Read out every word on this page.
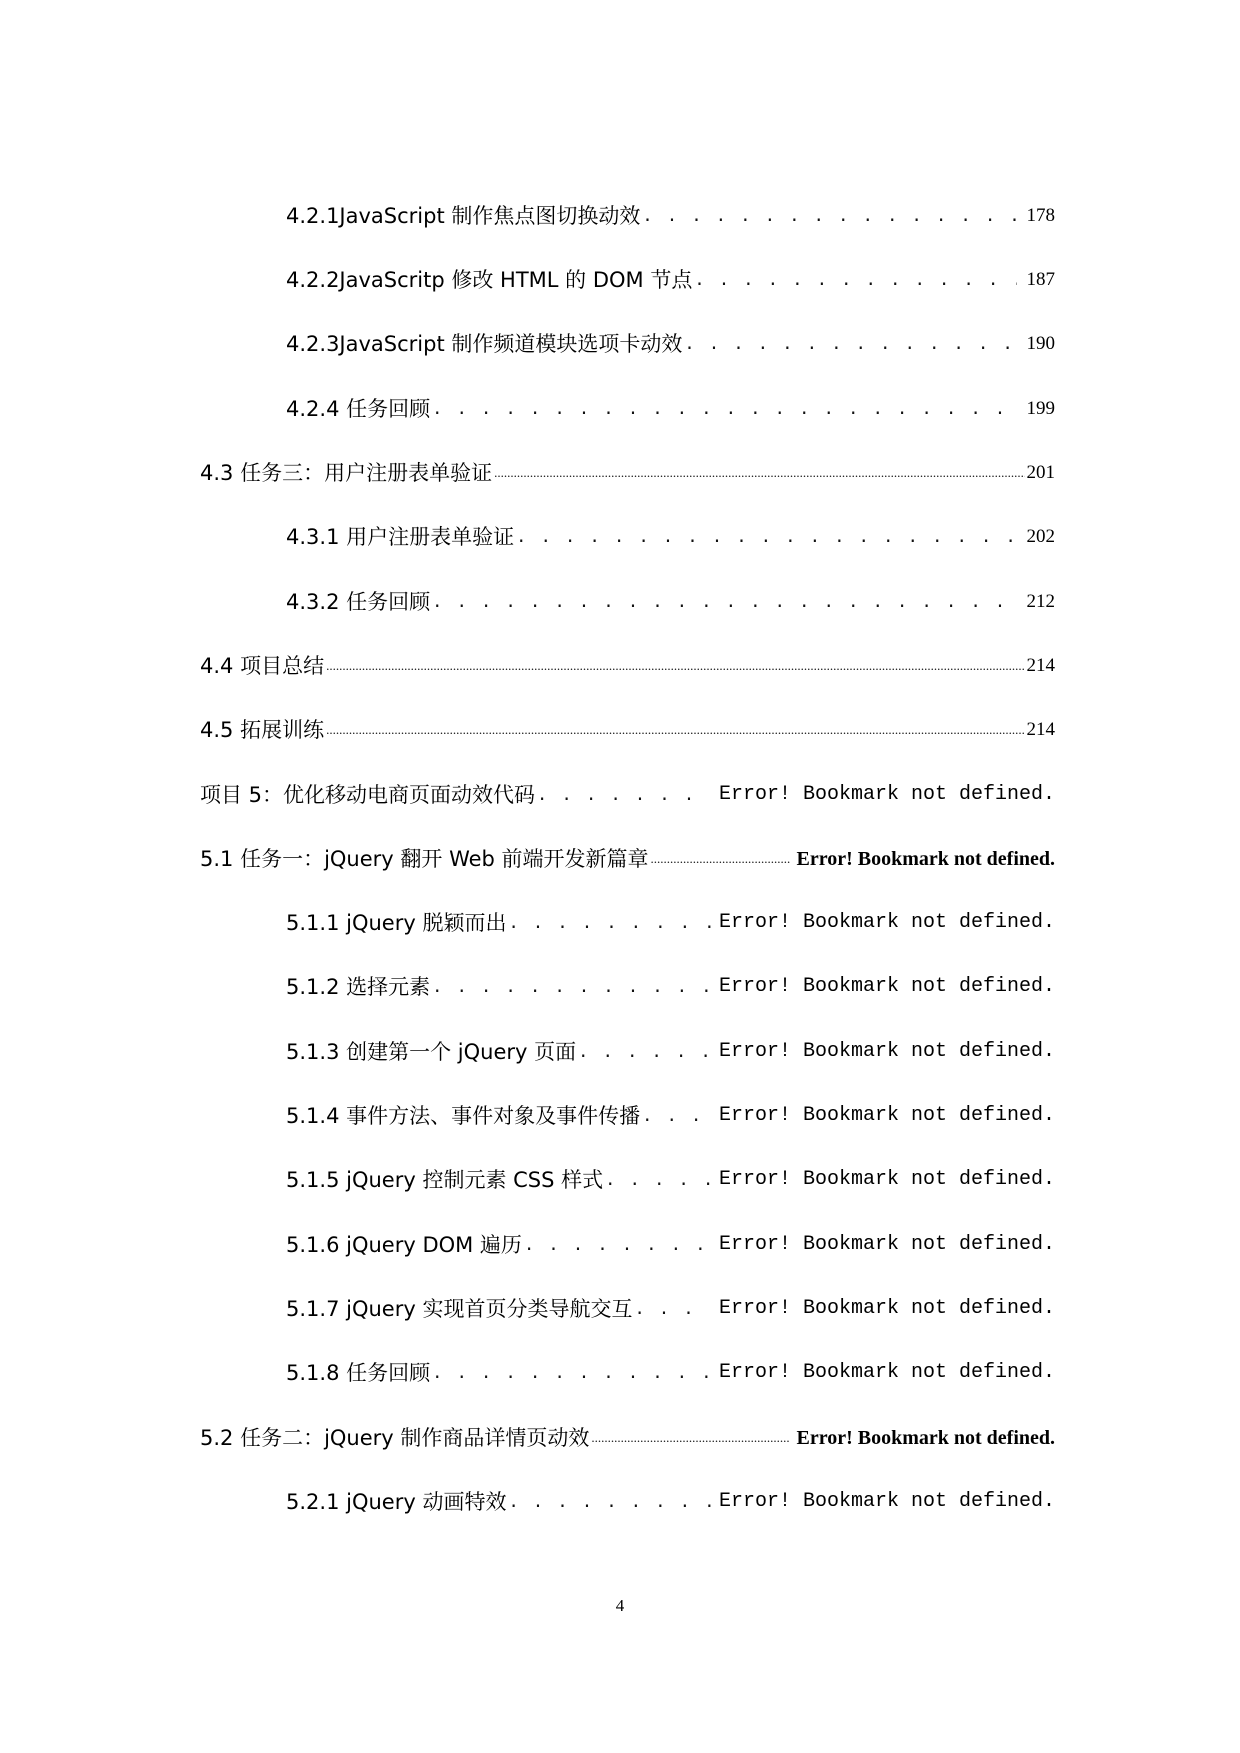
4.2.1JavaScript 制作焦点图切换动效 . . .	178
4.2.2JavaScritp 修改 HTML 的 DOM 节点 . . .	187
4.2.3JavaScript 制作频道模块选项卡动效 . . .	190
4.2.4 任务回顾 . . .	199
4.3 任务三：用户注册表单验证 .....	201
4.3.1 用户注册表单验证 . . .	202
4.3.2 任务回顾 . . .	212
4.4 项目总结 .....	214
4.5 拓展训练 .....	214
项目 5：优化移动电商页面动效代码 . . .	Error! Bookmark not defined.
5.1 任务一：jQuery 翻开 Web 前端开发新篇章 .....	Error! Bookmark not defined.
5.1.1 jQuery 脱颖而出 . . .	Error! Bookmark not defined.
5.1.2 选择元素 . . .	Error! Bookmark not defined.
5.1.3 创建第一个 jQuery 页面 . . .	Error! Bookmark not defined.
5.1.4 事件方法、事件对象及事件传播 . . .	Error! Bookmark not defined.
5.1.5 jQuery 控制元素 CSS 样式 . . .	Error! Bookmark not defined.
5.1.6 jQuery DOM 遍历 . . .	Error! Bookmark not defined.
5.1.7 jQuery 实现首页分类导航交互 . . .	Error! Bookmark not defined.
5.1.8 任务回顾 . . .	Error! Bookmark not defined.
5.2 任务二：jQuery 制作商品详情页动效 .....	Error! Bookmark not defined.
5.2.1 jQuery 动画特效 . . .	Error! Bookmark not defined.
4
